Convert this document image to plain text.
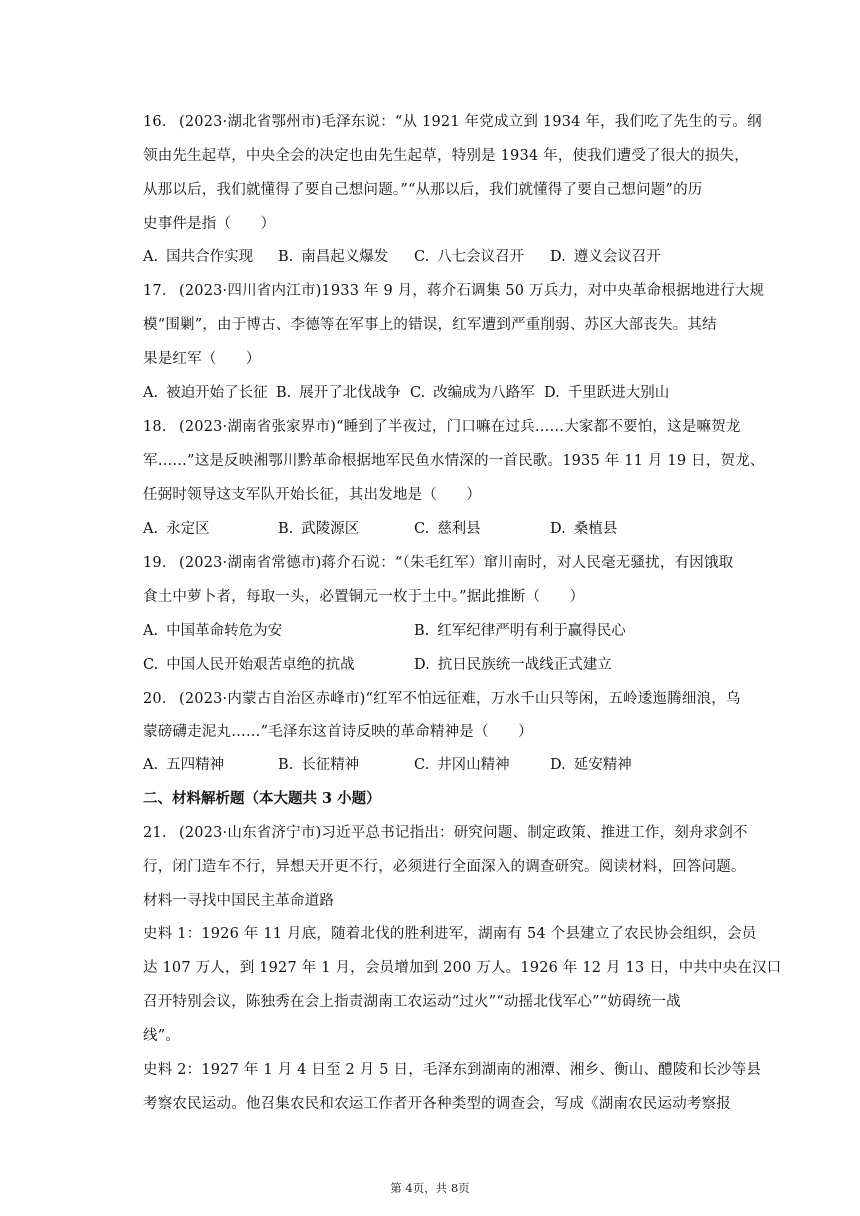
16. (2023·湖北省鄂州市)毛泽东说：“从 1921 年党成立到 1934 年，我们吃了先生的亏。纲
领由先生起草，中央全会的决定也由先生起草，特别是 1934 年，使我们遭受了很大的损失，
从那以后，我们就懂得了要自己想问题。”“从那以后，我们就懂得了要自己想问题”的历
史事件是指（　　）
A. 国共合作实现 B. 南昌起义爆发 C. 八七会议召开 D. 遵义会议召开
17. (2023·四川省内江市)1933 年 9 月，蒋介石调集 50 万兵力，对中央革命根据地进行大规
模“围剿”，由于博古、李德等在军事上的错误，红军遭到严重削弱、苏区大部丧失。其结
果是红军（　　）
A. 被迫开始了长征 B. 展开了北伐战争 C. 改编成为八路军 D. 千里跃进大别山
18. (2023·湖南省张家界市)“睡到了半夜过，门口嘛在过兵……大家都不要怕，这是嘛贺龙
军……”这是反映湘鄂川黔革命根据地军民鱼水情深的一首民歌。1935 年 11 月 19 日，贺龙、
任弼时领导这支军队开始长征，其出发地是（　　）
A. 永定区	B. 武陵源区	C. 慈利县	D. 桑植县
19. (2023·湖南省常德市)蒋介石说：“（朱毛红军）窜川南时，对人民毫无骚扰，有因饿取
食土中萝卜者，每取一头，必置铜元一枚于土中。”据此推断（　　）
A. 中国革命转危为安	B. 红军纪律严明有利于赢得民心
C. 中国人民开始艰苦卓绝的抗战	D. 抗日民族统一战线正式建立
20. (2023·内蒙古自治区赤峰市)“红军不怕远征难，万水千山只等闲，五岭逶迤腾细浪，乌
蒙磅礴走泥丸……”毛泽东这首诗反映的革命精神是（　　）
A. 五四精神	B. 长征精神	C. 井冈山精神	D. 延安精神
二、材料解析题（本大题共 3 小题）
21. (2023·山东省济宁市)习近平总书记指出：研究问题、制定政策、推进工作，刻舟求剑不
行，闭门造车不行，异想天开更不行，必须进行全面深入的调查研究。阅读材料，回答问题。
材料一寻找中国民主革命道路
史料 1：1926 年 11 月底，随着北伐的胜利进军，湖南有 54 个县建立了农民协会组织，会员
达 107 万人，到 1927 年 1 月，会员增加到 200 万人。1926 年 12 月 13 日，中共中央在汉口
召开特别会议，陈独秀在会上指责湖南工农运动“过火”“动摇北伐军心”“妨碍统一战
线”。
史料 2：1927 年 1 月 4 日至 2 月 5 日，毛泽东到湖南的湘潭、湘乡、衡山、醴陵和长沙等县
考察农民运动。他召集农民和农运工作者开各种类型的调查会，写成《湖南农民运动考察报
第 4页，共 8页
